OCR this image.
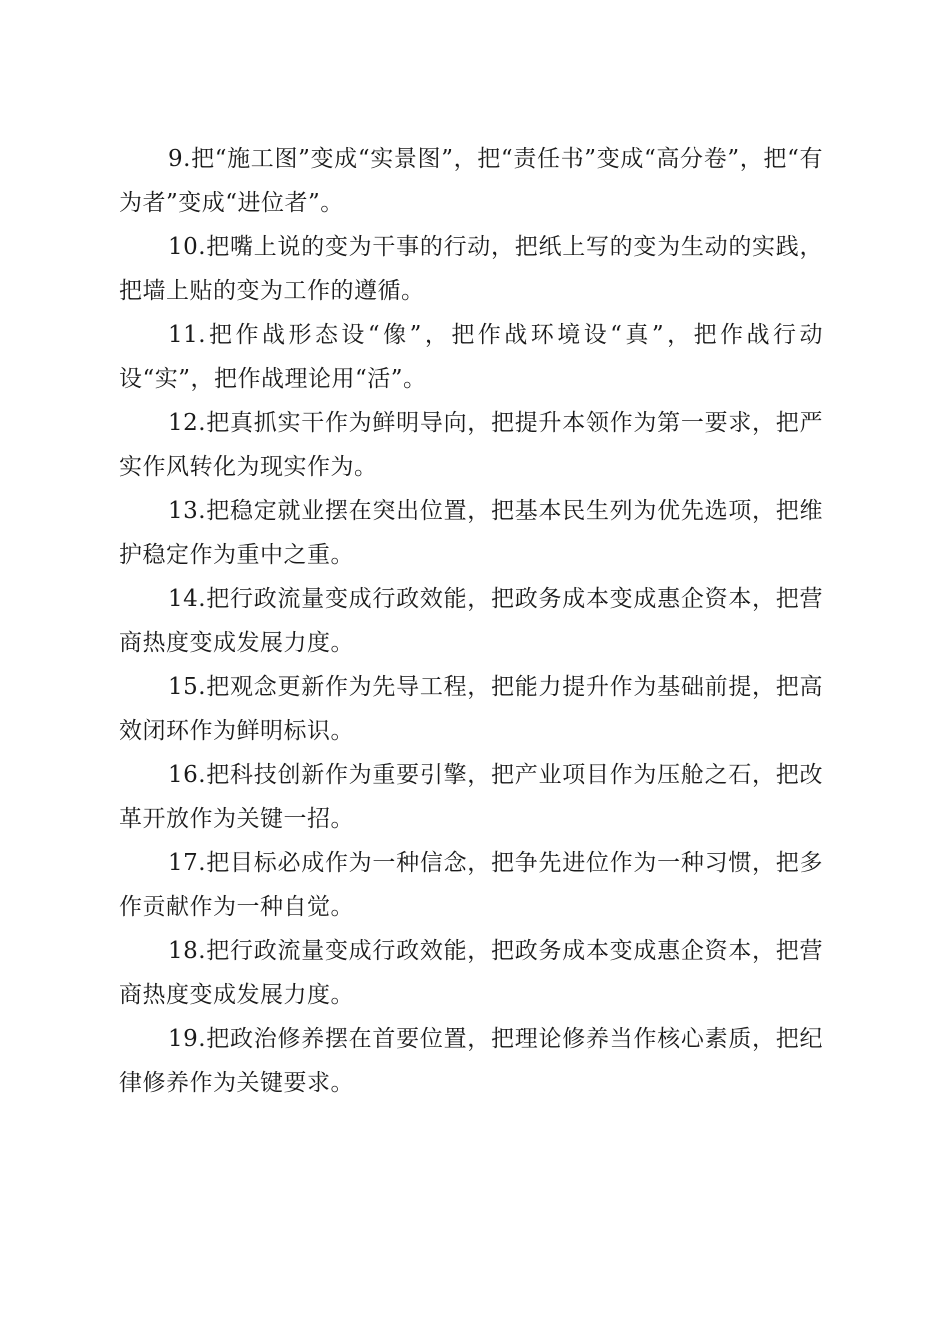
9.把“施工图”变成“实景图”，把“责任书”变成“高分卷”，把“有为者”变成“进位者”。

10.把嘴上说的变为干事的行动，把纸上写的变为生动的实践，把墙上贴的变为工作的遵循。

11.把作战形态设“像”，把作战环境设“真”，把作战行动设“实”，把作战理论用“活”。

12.把真抓实干作为鲜明导向，把提升本领作为第一要求，把严实作风转化为现实作为。

13.把稳定就业摆在突出位置，把基本民生列为优先选项，把维护稳定作为重中之重。

14.把行政流量变成行政效能，把政务成本变成惠企资本，把营商热度变成发展力度。

15.把观念更新作为先导工程，把能力提升作为基础前提，把高效闭环作为鲜明标识。

16.把科技创新作为重要引擎，把产业项目作为压舱之石，把改革开放作为关键一招。

17.把目标必成作为一种信念，把争先进位作为一种习惯，把多作贡献作为一种自觉。

18.把行政流量变成行政效能，把政务成本变成惠企资本，把营商热度变成发展力度。

19.把政治修养摆在首要位置，把理论修养当作核心素质，把纪律修养作为关键要求。
